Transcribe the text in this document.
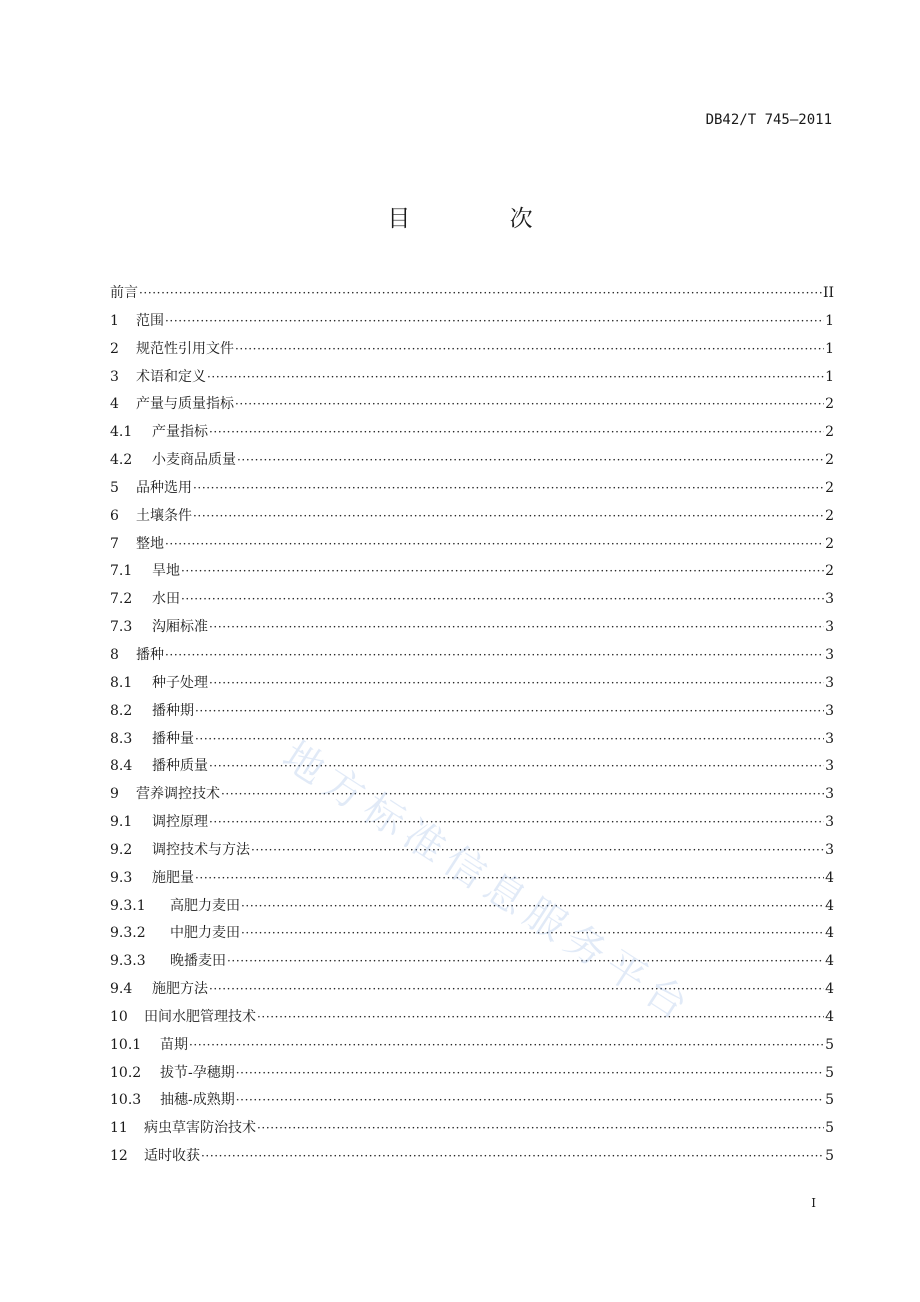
DB42/T 745—2011
目 次
前言 ·····	II
1	范围 ·····	1
2	规范性引用文件 ·····	1
3	术语和定义 ·····	1
4	产量与质量指标 ·····	2
4.1	产量指标 ·····	2
4.2	小麦商品质量 ·····	2
5	品种选用 ·····	2
6	土壤条件 ·····	2
7	整地 ·····	2
7.1	旱地 ·····	2
7.2	水田 ·····	3
7.3	沟厢标准 ·····	3
8	播种 ·····	3
8.1	种子处理 ·····	3
8.2	播种期 ·····	3
8.3	播种量 ·····	3
8.4	播种质量 ·····	3
9	营养调控技术 ·····	3
9.1	调控原理 ·····	3
9.2	调控技术与方法 ·····	3
9.3	施肥量 ·····	4
9.3.1	高肥力麦田 ·····	4
9.3.2	中肥力麦田 ·····	4
9.3.3	晚播麦田 ·····	4
9.4	施肥方法 ·····	4
10	田间水肥管理技术 ·····	4
10.1	苗期 ·····	5
10.2	拔节-孕穗期 ·····	5
10.3	抽穗-成熟期 ·····	5
11	病虫草害防治技术 ·····	5
12	适时收获 ·····	5
I
地方标准信息服务平台
